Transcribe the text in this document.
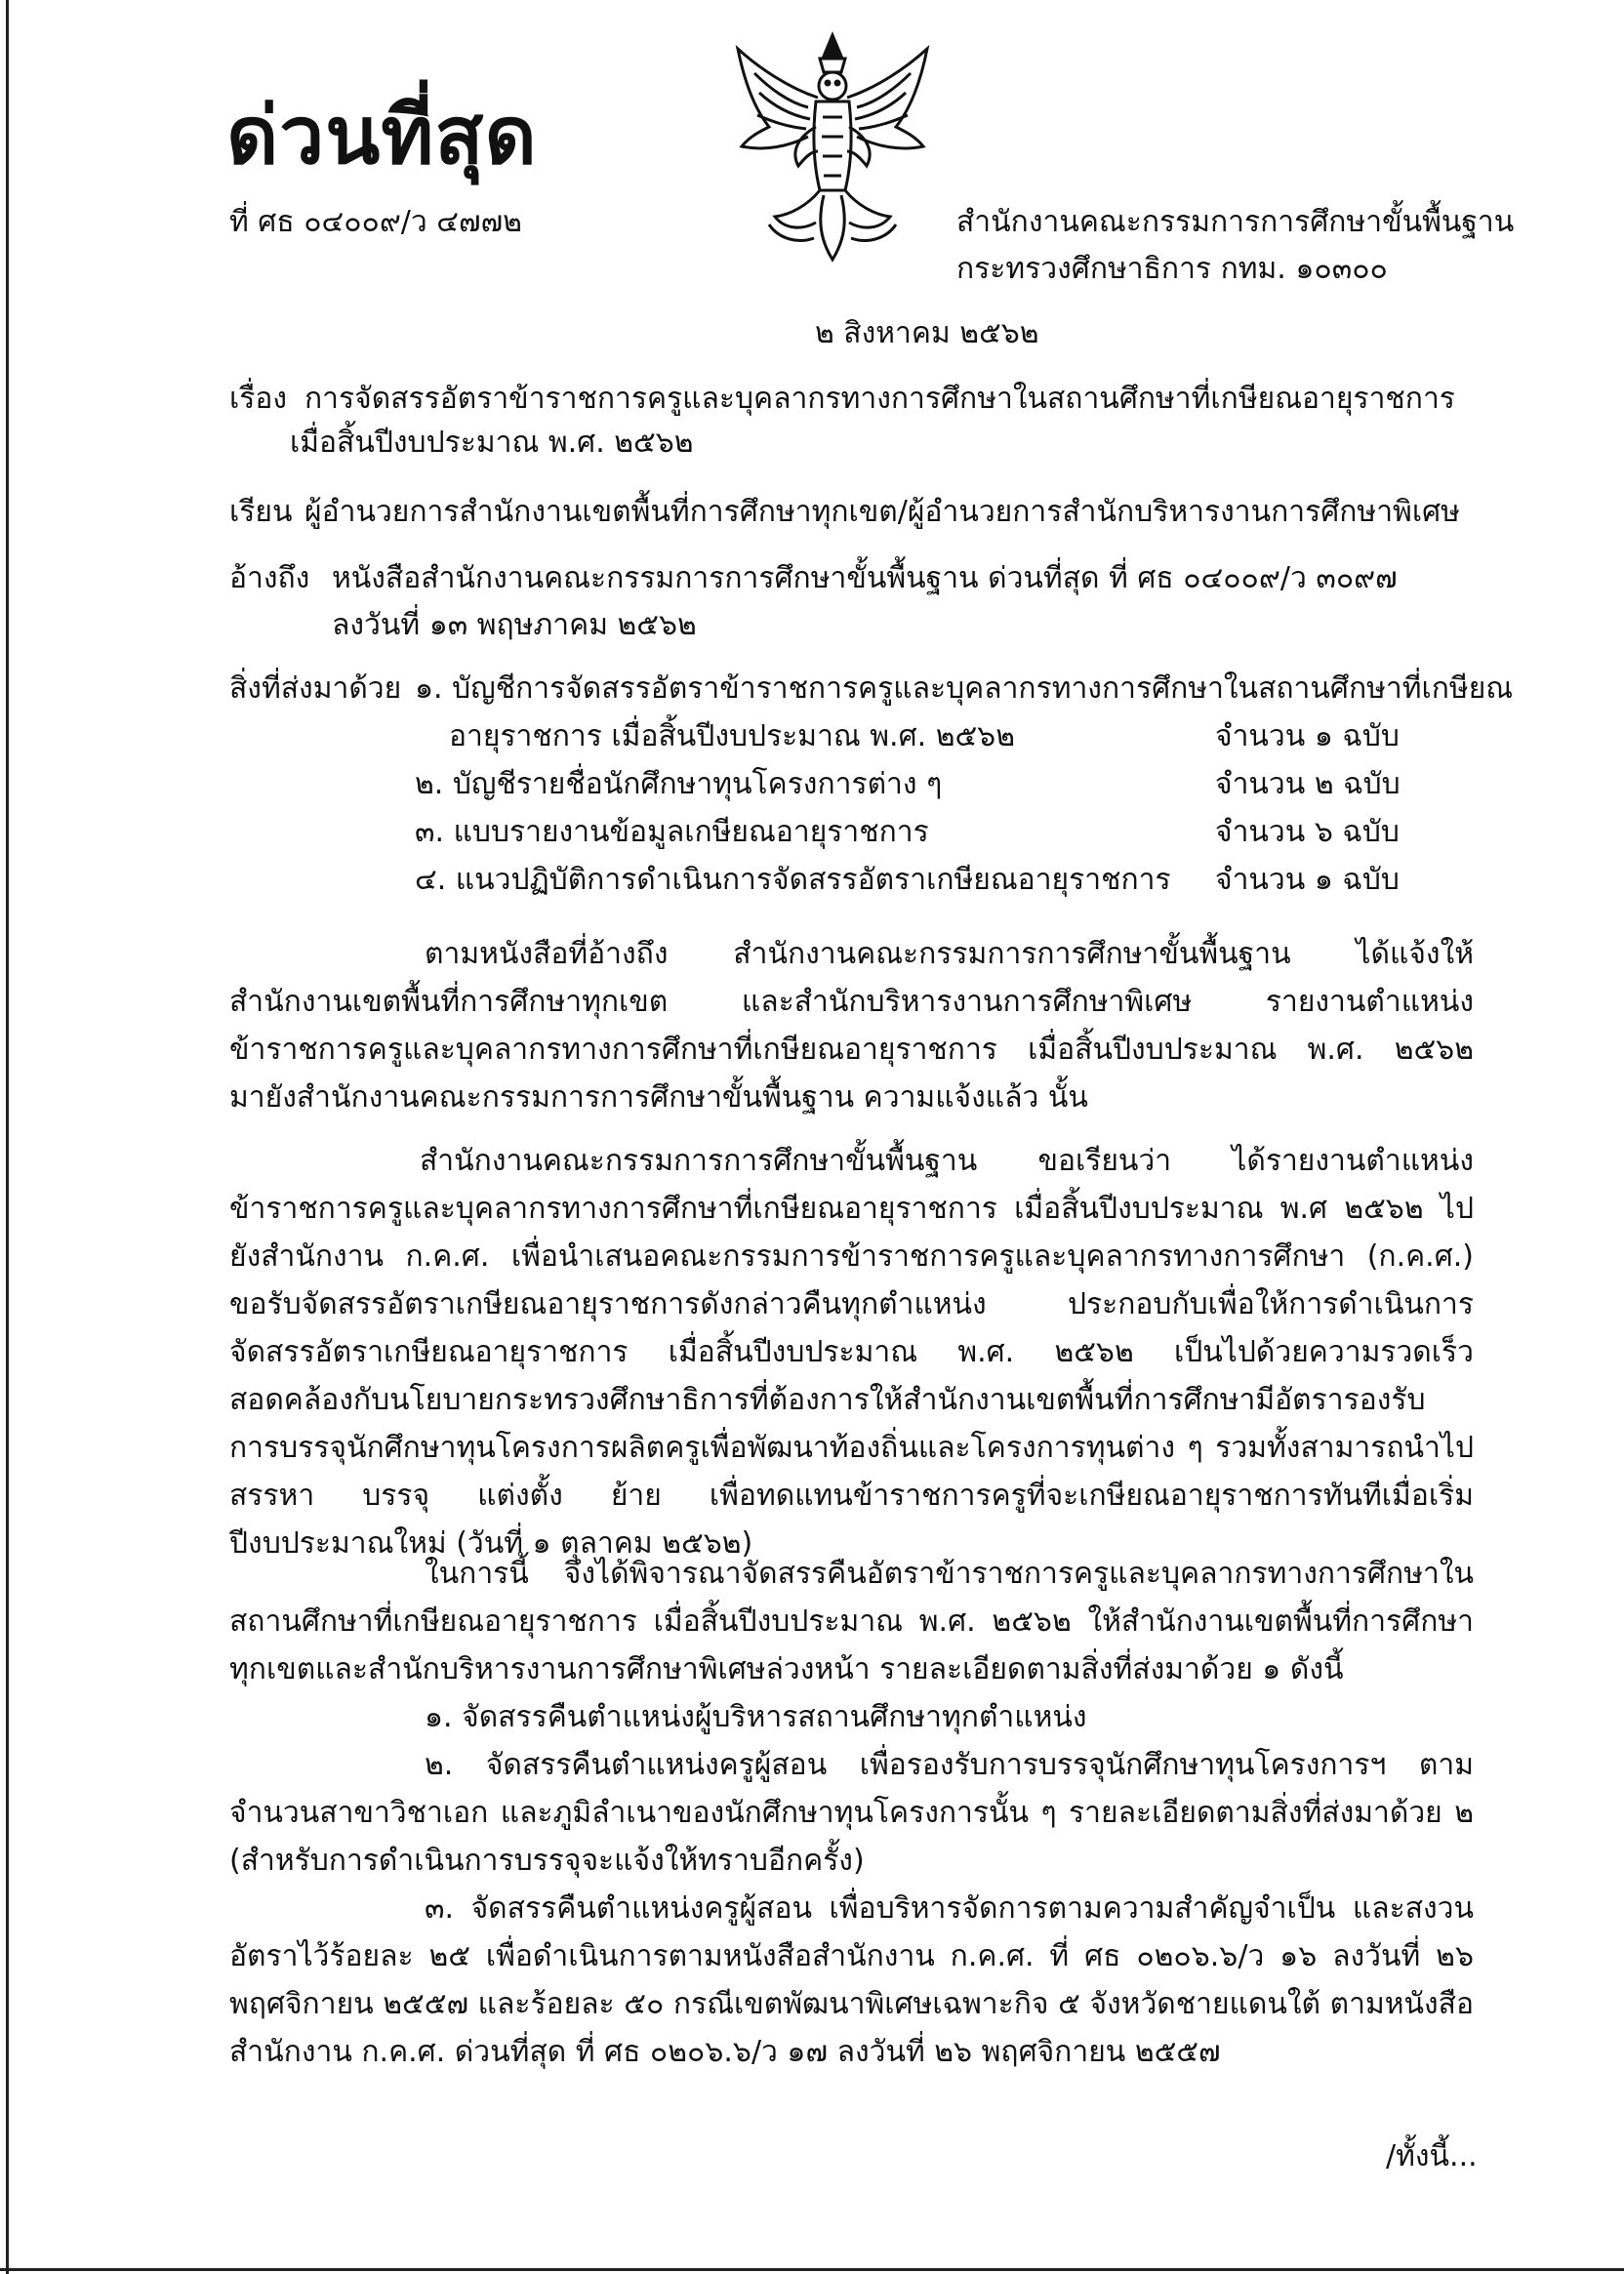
ด่วนที่สุด
ที่ ศธ ๐๔๐๐๙/ว ๔๗๗๒	สำนักงานคณะกรรมการการศึกษาขั้นพื้นฐาน
กระทรวงศึกษาธิการ กทม. ๑๐๓๐๐
๒ สิงหาคม ๒๕๖๒
เรื่อง การจัดสรรอัตราข้าราชการครูและบุคลากรทางการศึกษาในสถานศึกษาที่เกษียณอายุราชการ
เมื่อสิ้นปีงบประมาณ พ.ศ. ๒๕๖๒
เรียน ผู้อำนวยการสำนักงานเขตพื้นที่การศึกษาทุกเขต/ผู้อำนวยการสำนักบริหารงานการศึกษาพิเศษ
อ้างถึง หนังสือสำนักงานคณะกรรมการการศึกษาขั้นพื้นฐาน ด่วนที่สุด ที่ ศธ ๐๔๐๐๙/ว ๓๐๙๗
ลงวันที่ ๑๓ พฤษภาคม ๒๕๖๒
สิ่งที่ส่งมาด้วย ๑. บัญชีการจัดสรรอัตราข้าราชการครูและบุคลากรทางการศึกษาในสถานศึกษาที่เกษียณ
อายุราชการ เมื่อสิ้นปีงบประมาณ พ.ศ. ๒๕๖๒	จำนวน ๑ ฉบับ
๒. บัญชีรายชื่อนักศึกษาทุนโครงการต่าง ๆ	จำนวน ๒ ฉบับ
๓. แบบรายงานข้อมูลเกษียณอายุราชการ	จำนวน ๖ ฉบับ
๔. แนวปฏิบัติการดำเนินการจัดสรรอัตราเกษียณอายุราชการ จำนวน ๑ ฉบับ

ตามหนังสือที่อ้างถึง สำนักงานคณะกรรมการการศึกษาขั้นพื้นฐาน ได้แจ้งให้สำนักงานเขตพื้นที่การศึกษาทุกเขต และสำนักบริหารงานการศึกษาพิเศษ รายงานตำแหน่งข้าราชการครูและบุคลากรทางการศึกษาที่เกษียณอายุราชการ เมื่อสิ้นปีงบประมาณ พ.ศ. ๒๕๖๒ มายังสำนักงานคณะกรรมการการศึกษาขั้นพื้นฐาน ความแจ้งแล้ว นั้น

สำนักงานคณะกรรมการการศึกษาขั้นพื้นฐาน ขอเรียนว่า ได้รายงานตำแหน่งข้าราชการครูและบุคลากรทางการศึกษาที่เกษียณอายุราชการ เมื่อสิ้นปีงบประมาณ พ.ศ ๒๕๖๒ ไปยังสำนักงาน ก.ค.ศ. เพื่อนำเสนอคณะกรรมการข้าราชการครูและบุคลากรทางการศึกษา (ก.ค.ศ.) ขอรับจัดสรรอัตราเกษียณอายุราชการดังกล่าวคืนทุกตำแหน่ง ประกอบกับเพื่อให้การดำเนินการจัดสรรอัตราเกษียณอายุราชการ เมื่อสิ้นปีงบประมาณ พ.ศ. ๒๕๖๒ เป็นไปด้วยความรวดเร็ว สอดคล้องกับนโยบายกระทรวงศึกษาธิการที่ต้องการให้สำนักงานเขตพื้นที่การศึกษามีอัตรารองรับการบรรจุนักศึกษาทุนโครงการผลิตครูเพื่อพัฒนาท้องถิ่นและโครงการทุนต่าง ๆ รวมทั้งสามารถนำไปสรรหา บรรจุ แต่งตั้ง ย้าย เพื่อทดแทนข้าราชการครูที่จะเกษียณอายุราชการทันทีเมื่อเริ่มปีงบประมาณใหม่ (วันที่ ๑ ตุลาคม ๒๕๖๒)

ในการนี้ จึงได้พิจารณาจัดสรรคืนอัตราข้าราชการครูและบุคลากรทางการศึกษาในสถานศึกษาที่เกษียณอายุราชการ เมื่อสิ้นปีงบประมาณ พ.ศ. ๒๕๖๒ ให้สำนักงานเขตพื้นที่การศึกษาทุกเขตและสำนักบริหารงานการศึกษาพิเศษล่วงหน้า รายละเอียดตามสิ่งที่ส่งมาด้วย ๑ ดังนี้

๑. จัดสรรคืนตำแหน่งผู้บริหารสถานศึกษาทุกตำแหน่ง

๒. จัดสรรคืนตำแหน่งครูผู้สอน เพื่อรองรับการบรรจุนักศึกษาทุนโครงการฯ ตามจำนวนสาขาวิชาเอก และภูมิลำเนาของนักศึกษาทุนโครงการนั้น ๆ รายละเอียดตามสิ่งที่ส่งมาด้วย ๒ (สำหรับการดำเนินการบรรจุจะแจ้งให้ทราบอีกครั้ง)

๓. จัดสรรคืนตำแหน่งครูผู้สอน เพื่อบริหารจัดการตามความสำคัญจำเป็น และสงวนอัตราไว้ร้อยละ ๒๕ เพื่อดำเนินการตามหนังสือสำนักงาน ก.ค.ศ. ที่ ศธ ๐๒๐๖.๖/ว ๑๖ ลงวันที่ ๒๖ พฤศจิกายน ๒๕๕๗ และร้อยละ ๕๐ กรณีเขตพัฒนาพิเศษเฉพาะกิจ ๕ จังหวัดชายแดนใต้ ตามหนังสือสำนักงาน ก.ค.ศ. ด่วนที่สุด ที่ ศธ ๐๒๐๖.๖/ว ๑๗ ลงวันที่ ๒๖ พฤศจิกายน ๒๕๕๗

/ทั้งนี้...
